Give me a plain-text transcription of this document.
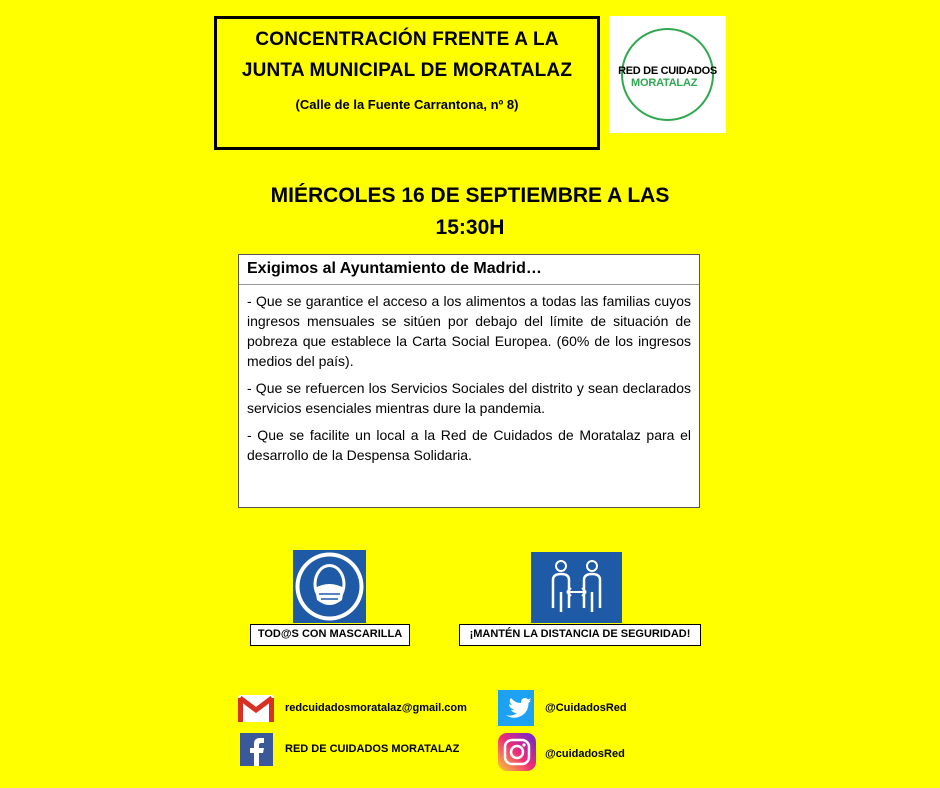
CONCENTRACIÓN FRENTE A LA
JUNTA MUNICIPAL DE MORATALAZ
(Calle de la Fuente Carrantona, nº 8)
RED DE CUIDADOS
MORATALAZ
MIÉRCOLES 16 DE SEPTIEMBRE A LAS
15:30H
Exigimos al Ayuntamiento de Madrid…

- Que se garantice el acceso a los alimentos a todas las familias cuyos ingresos mensuales se sitúen por debajo del límite de situación de pobreza que establece la Carta Social Europea. (60% de los ingresos medios del país).

- Que se refuercen los Servicios Sociales del distrito y sean declarados servicios esenciales mientras dure la pandemia.

- Que se facilite un local a la Red de Cuidados de Moratalaz para el desarrollo de la Despensa Solidaria.

TOD@S CON MASCARILLA	¡MANTÉN LA DISTANCIA DE SEGURIDAD!
redcuidadosmoratalaz@gmail.com
RED DE CUIDADOS MORATALAZ
@CuidadosRed
@cuidadosRed
